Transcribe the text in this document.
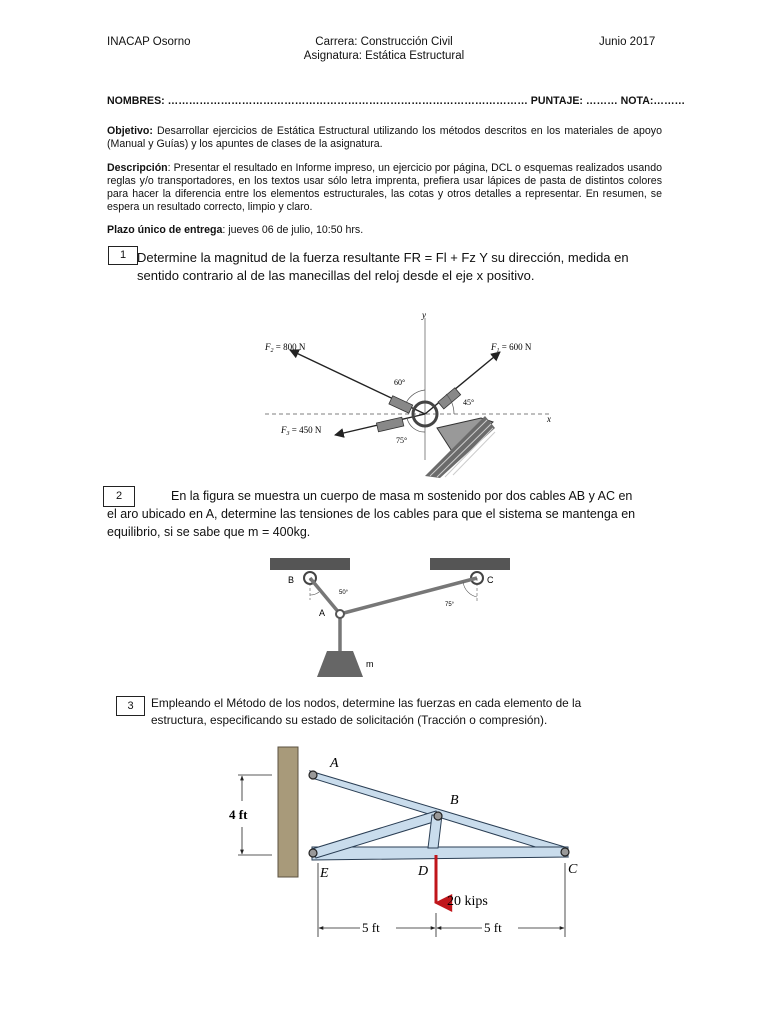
INACAP Osorno	Carrera: Construcción Civil
Asignatura: Estática Estructural
Junio 2017
NOMBRES: ………………………………………………………………………………………… PUNTAJE: ……… NOTA:………
Objetivo: Desarrollar ejercicios de Estática Estructural utilizando los métodos descritos en los materiales de apoyo (Manual y Guías) y los apuntes de clases de la asignatura.
Descripción: Presentar el resultado en Informe impreso, un ejercicio por página, DCL o esquemas realizados usando reglas y/o transportadores, en los textos usar sólo letra imprenta, prefiera usar lápices de pasta de distintos colores para hacer la diferencia entre los elementos estructurales, las cotas y otros detalles a representar. En resumen, se espera un resultado correcto, limpio y claro.
Plazo único de entrega: jueves 06 de julio, 10:50 hrs.
1 Determine la magnitud de la fuerza resultante FR = Fl + Fz Y su dirección, medida en
sentido contrario al de las manecillas del reloj desde el eje x positivo.
y
x
$F_2 = 800$ N	$F_1 = 600$ N
$F_3 = 450$ N
60°
45°
75°
2	En la figura se muestra un cuerpo de masa m sostenido por dos cables AB y AC en
el aro ubicado en A, determine las tensiones de los cables para que el sistema se mantenga en
equilibrio, si se sabe que m = 400kg.
B	C
A
m
50°
75°
3	Empleando el Método de los nodos, determine las fuerzas en cada elemento de la
estructura, especificando su estado de solicitación (Tracción o compresión).
A
B
C
D
E
4 ft
20 kips
5 ft	5 ft
